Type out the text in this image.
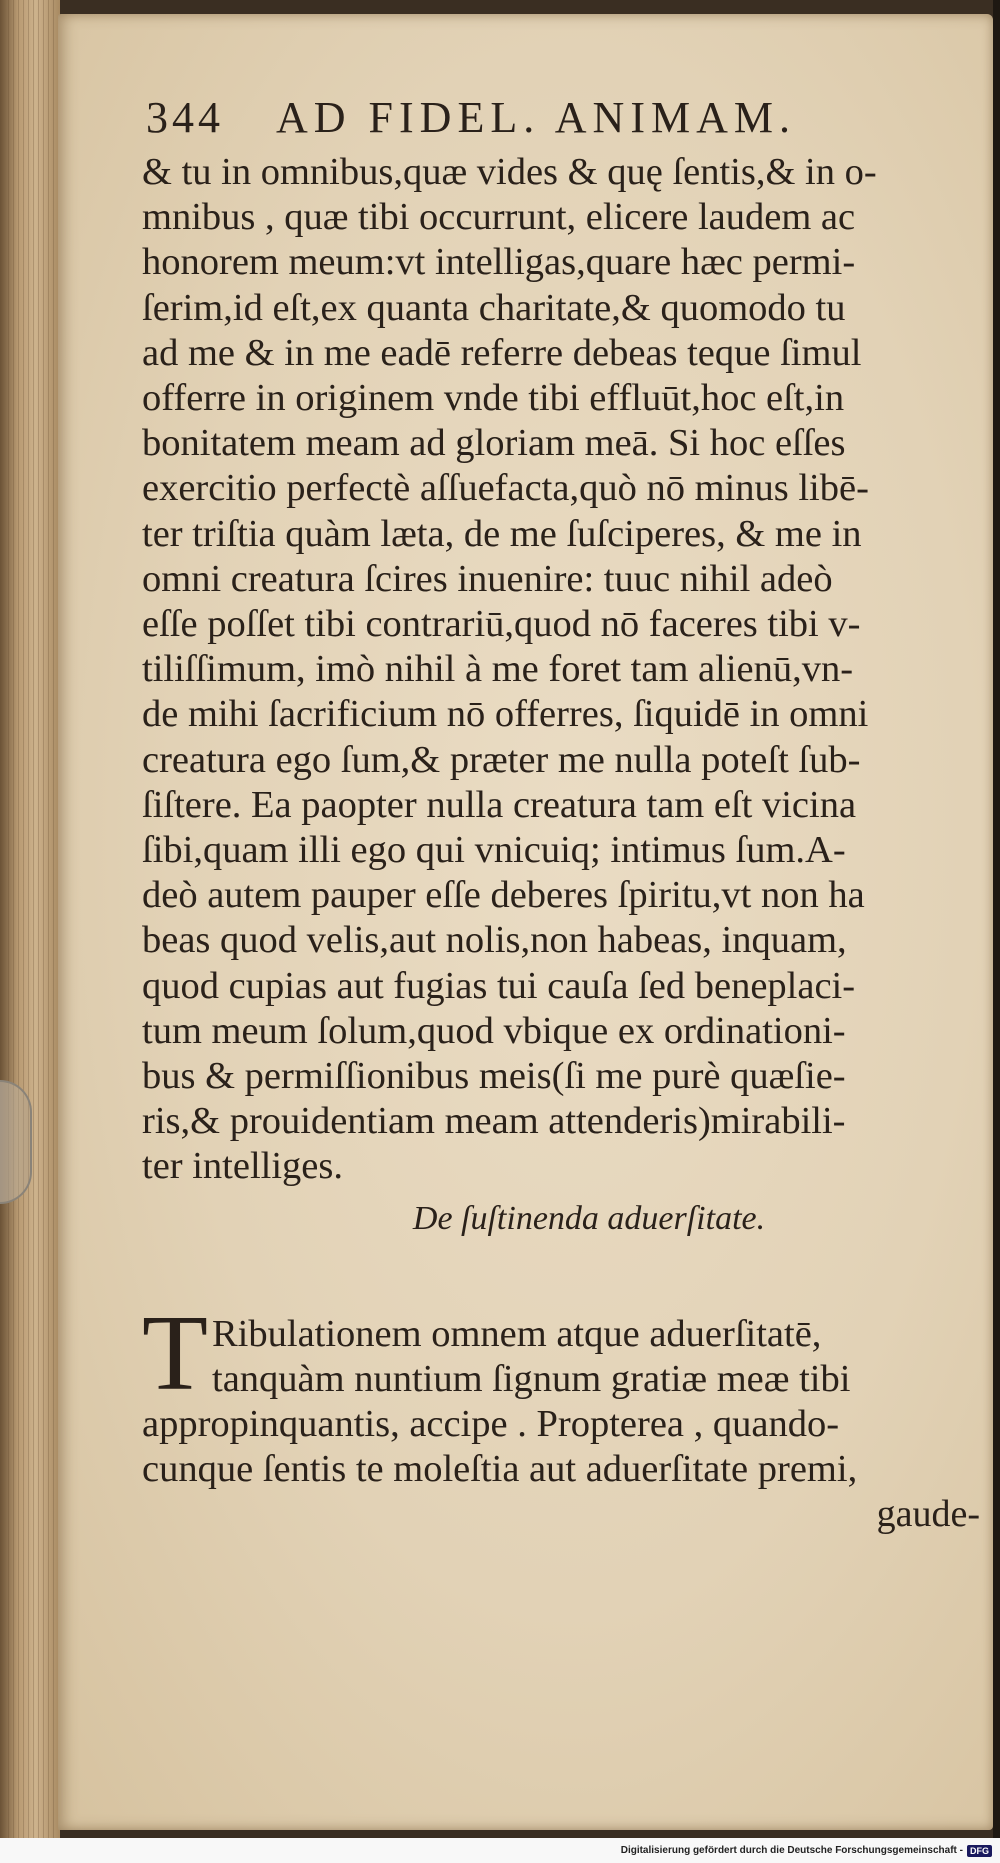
344	AD FIDEL. ANIMAM.
& tu in omnibus,quæ vides & quę ſentis,& in o-
mnibus , quæ tibi occurrunt, elicere laudem ac
honorem meum:vt intelligas,quare hæc permi-
ſerim,id eſt,ex quanta charitate,& quomodo tu
ad me & in me eadē referre debeas teque ſimul
offerre in originem vnde tibi effluūt,hoc eſt,in
bonitatem meam ad gloriam meā. Si hoc eſſes
exercitio perfectè aſſuefacta,quò nō minus libē-
ter triſtia quàm læta, de me ſuſciperes, & me in
omni creatura ſcires inuenire: tuuc nihil adeò
eſſe poſſet tibi contrariū,quod nō faceres tibi v-
tiliſſimum, imò nihil à me foret tam alienū,vn-
de mihi ſacrificium nō offerres, ſiquidē in omni
creatura ego ſum,& præter me nulla poteſt ſub-
ſiſtere. Ea paopter nulla creatura tam eſt vicina
ſibi,quam illi ego qui vnicuiq; intimus ſum.A-
deò autem pauper eſſe deberes ſpiritu,vt non ha
beas quod velis,aut nolis,non habeas, inquam,
quod cupias aut fugias tui cauſa ſed beneplaci-
tum meum ſolum,quod vbique ex ordinationi-
bus & permiſſionibus meis(ſi me purè quæſie-
ris,& prouidentiam meam attenderis)mirabili-
ter intelliges.
De ſuſtinenda aduerſitate.
T Ribulationem omnem atque aduerſitatē,
tanquàm nuntium ſignum gratiæ meæ tibi
appropinquantis, accipe . Propterea , quando-
cunque ſentis te moleſtia aut aduerſitate premi,
gaude-
Digitalisierung gefördert durch die Deutsche Forschungsgemeinschaft - DFG
